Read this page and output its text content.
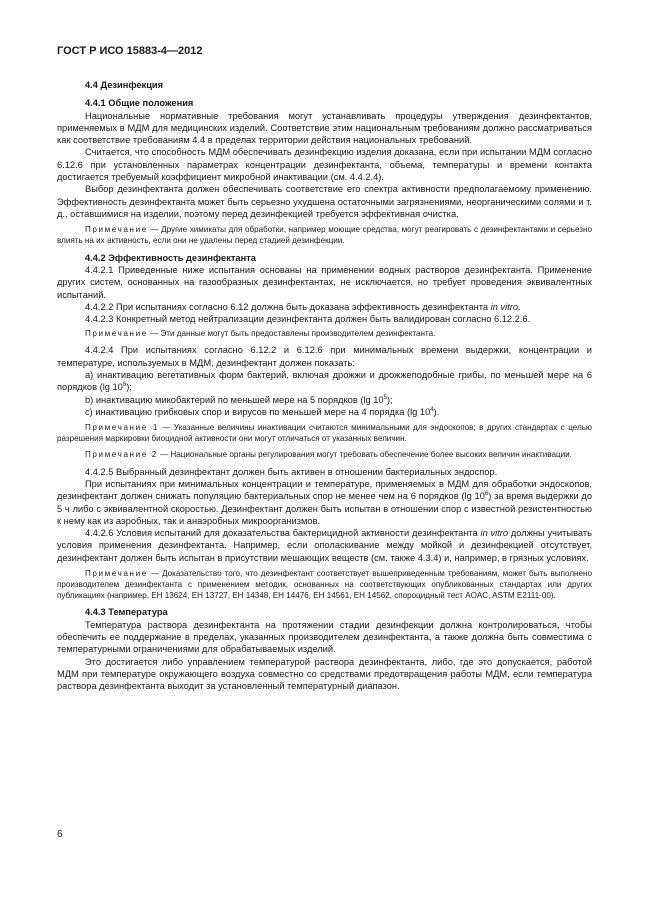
ГОСТ Р ИСО 15883-4—2012

4.4 Дезинфекция

4.4.1 Общие положения

Национальные нормативные требования могут устанавливать процедуры утверждения дезинфектантов, применяемых в МДМ для медицинских изделий. Соответствие этим национальным требованиям должно рассматриваться как соответствие требованиям 4.4 в пределах территории действия национальных требований.

Считается, что способность МДМ обеспечивать дезинфекцию изделия доказана, если при испытании МДМ согласно 6.12.6 при установленных параметрах концентрации дезинфектанта, объема, температуры и времени контакта достигается требуемый коэффициент микробной инактивации (см. 4.4.2.4).

Выбор дезинфектанта должен обеспечивать соответствие его спектра активности предполагаемому применению. Эффективность дезинфектанта может быть серьезно ухудшена остаточными загрязнениями, неорганическими солями и т. д., оставшимися на изделии, поэтому перед дезинфекцией требуется эффективная очистка.

Примечание — Другие химикаты для обработки, например моющие средства, могут реагировать с дезинфектантами и серьезно влиять на их активность, если они не удалены перед стадией дезинфекции.

4.4.2 Эффективность дезинфектанта

4.4.2.1 Приведенные ниже испытания основаны на применении водных растворов дезинфектанта. Применение других систем, основанных на газообразных дезинфектантах, не исключается, но требует проведения эквивалентных испытаний.

4.4.2.2 При испытаниях согласно 6.12 должна быть доказана эффективность дезинфектанта in vitro.

4.4.2.3 Конкретный метод нейтрализации дезинфектанта должен быть валидирован согласно 6.12.2.6.

Примечание — Эти данные могут быть предоставлены производителем дезинфектанта.

4.4.2.4 При испытаниях согласно 6.12.2 и 6.12.6 при минимальных времени выдержки, концентрации и температуре, используемых в МДМ, дезинфектант должен показать:

а) инактивацию вегетативных форм бактерий, включая дрожжи и дрожжеподобные грибы, по меньшей мере на 6 порядков (lg $10^6$);

b) инактивацию микобактерий по меньшей мере на 5 порядков (lg $10^5$);

c) инактивацию грибковых спор и вирусов по меньшей мере на 4 порядка (lg $10^4$).

Примечание 1 — Указанные величины инактивации считаются минимальными для эндоскопов; в других стандартах с целью разрешения маркировки биоцидной активности они могут отличаться от указанных величин.

Примечание 2 — Национальные органы регулирования могут требовать обеспечение более высоких величин инактивации.

4.4.2.5 Выбранный дезинфектант должен быть активен в отношении бактериальных эндоспор.

При испытаниях при минимальных концентрации и температуре, применяемых в МДМ для обработки эндоскопов, дезинфектант должен снижать популяцию бактериальных спор не менее чем на 6 порядков (lg $10^6$) за время выдержки до 5 ч либо с эквивалентной скоростью. Дезинфектант должен быть испытан в отношении спор с известной резистентностью к нему как из аэробных, так и анаэробных микроорганизмов.

4.4.2.6 Условия испытаний для доказательства бактерицидной активности дезинфектанта in vitro должны учитывать условия применения дезинфектанта. Например, если ополаскивание между мойкой и дезинфекцией отсутствует, дезинфектант должен быть испытан в присутствии мешающих веществ (см. также 4.3.4) и, например, в грязных условиях.

Примечание — Доказательство того, что дезинфектант соответствует вышеприведенным требованиям, может быть выполнено производителем дезинфектанта с применением методик, основанных на соответствующих опубликованных стандартах или других публикациях (например, ЕН 13624, ЕН 13727, ЕН 14348, ЕН 14476, ЕН 14561, ЕН 14562, спороцидный тест AOAC, ASTM E2111-00).

4.4.3 Температура

Температура раствора дезинфектанта на протяжении стадии дезинфекции должна контролироваться, чтобы обеспечить ее поддержание в пределах, указанных производителем дезинфектанта, а также должна быть совместима с температурными ограничениями для обрабатываемых изделий.

Это достигается либо управлением температурой раствора дезинфектанта, либо, где это допускается, работой МДМ при температуре окружающего воздуха совместно со средствами предотвращения работы МДМ, если температура раствора дезинфектанта выходит за установленный температурный диапазон.

6
